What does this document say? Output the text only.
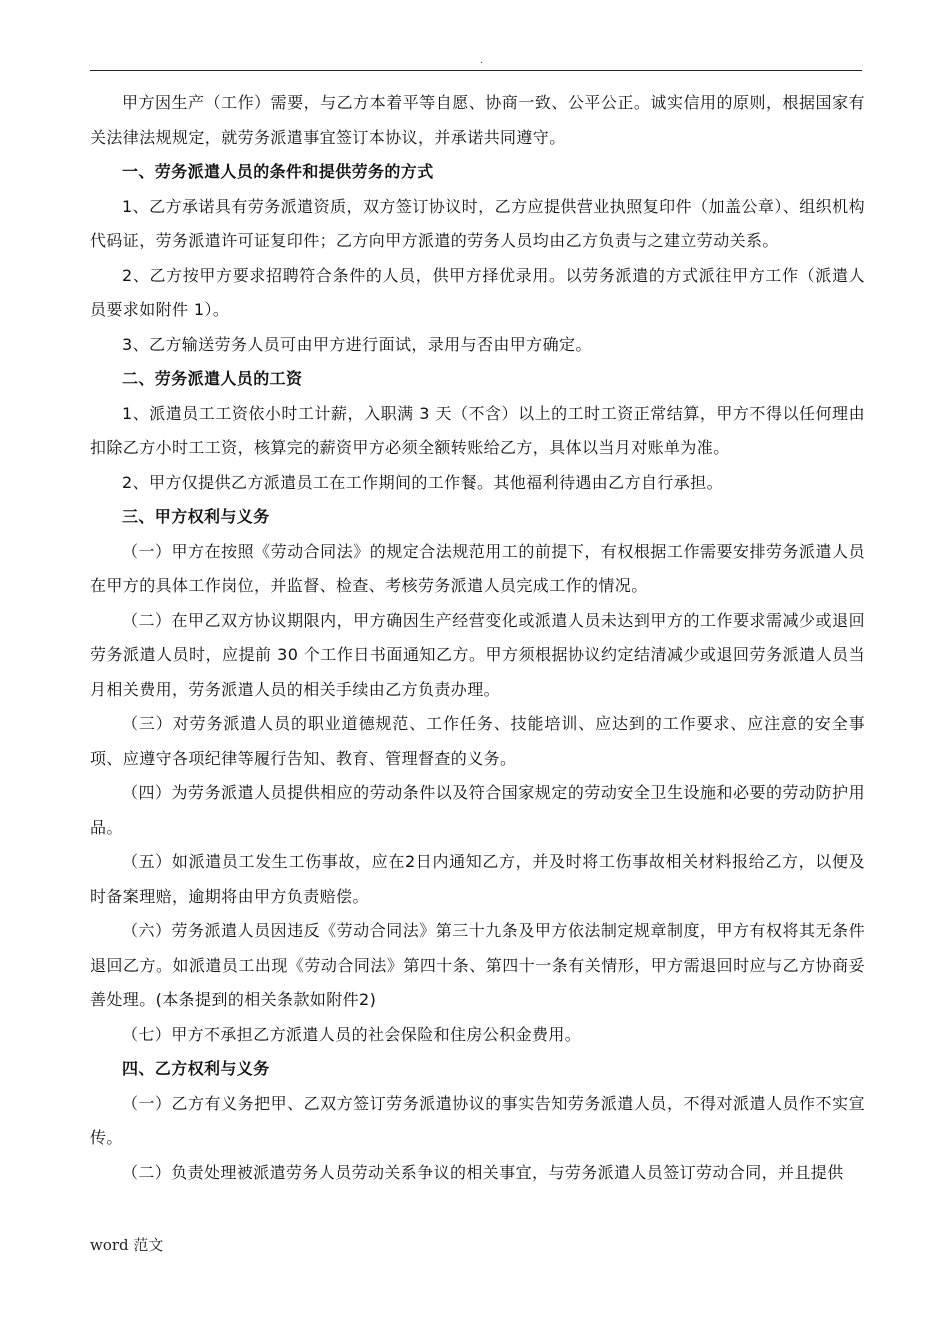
.

甲方因生产（工作）需要，与乙方本着平等自愿、协商一致、公平公正。诚实信用的原则，根据国家有关法律法规规定，就劳务派遣事宜签订本协议，并承诺共同遵守。

一、劳务派遣人员的条件和提供劳务的方式

1、乙方承诺具有劳务派遣资质，双方签订协议时，乙方应提供营业执照复印件（加盖公章）、组织机构代码证，劳务派遣许可证复印件；乙方向甲方派遣的劳务人员均由乙方负责与之建立劳动关系。

2、乙方按甲方要求招聘符合条件的人员，供甲方择优录用。以劳务派遣的方式派往甲方工作（派遣人员要求如附件 1）。

3、乙方输送劳务人员可由甲方进行面试，录用与否由甲方确定。

二、劳务派遣人员的工资

1、派遣员工工资依小时工计薪，入职满 3 天（不含）以上的工时工资正常结算，甲方不得以任何理由扣除乙方小时工工资，核算完的薪资甲方必须全额转账给乙方，具体以当月对账单为准。

2、甲方仅提供乙方派遣员工在工作期间的工作餐。其他福利待遇由乙方自行承担。

三、甲方权利与义务

（一）甲方在按照《劳动合同法》的规定合法规范用工的前提下，有权根据工作需要安排劳务派遣人员在甲方的具体工作岗位，并监督、检查、考核劳务派遣人员完成工作的情况。

（二）在甲乙双方协议期限内，甲方确因生产经营变化或派遣人员未达到甲方的工作要求需减少或退回劳务派遣人员时，应提前 30 个工作日书面通知乙方。甲方须根据协议约定结清减少或退回劳务派遣人员当月相关费用，劳务派遣人员的相关手续由乙方负责办理。

（三）对劳务派遣人员的职业道德规范、工作任务、技能培训、应达到的工作要求、应注意的安全事项、应遵守各项纪律等履行告知、教育、管理督查的义务。

（四）为劳务派遣人员提供相应的劳动条件以及符合国家规定的劳动安全卫生设施和必要的劳动防护用品。

（五）如派遣员工发生工伤事故，应在2日内通知乙方，并及时将工伤事故相关材料报给乙方，以便及时备案理赔，逾期将由甲方负责赔偿。

（六）劳务派遣人员因违反《劳动合同法》第三十九条及甲方依法制定规章制度，甲方有权将其无条件退回乙方。如派遣员工出现《劳动合同法》第四十条、第四十一条有关情形，甲方需退回时应与乙方协商妥善处理。(本条提到的相关条款如附件2)

（七）甲方不承担乙方派遣人员的社会保险和住房公积金费用。

四、乙方权利与义务

（一）乙方有义务把甲、乙双方签订劳务派遣协议的事实告知劳务派遣人员，不得对派遣人员作不实宣传。

（二）负责处理被派遣劳务人员劳动关系争议的相关事宜，与劳务派遣人员签订劳动合同，并且提供

word 范文
